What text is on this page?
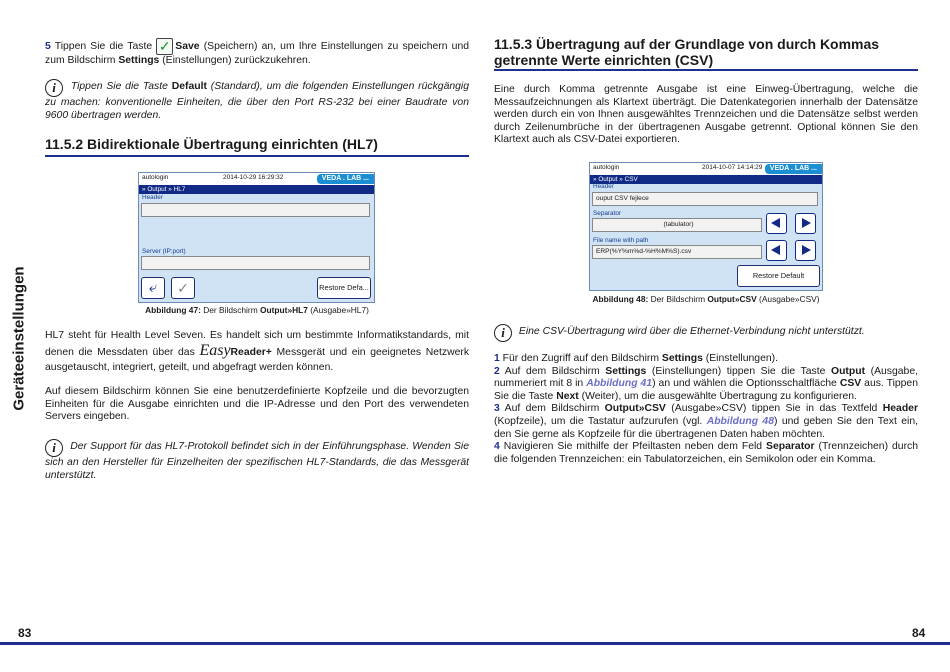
Geräteeinstellungen

5 Tippen Sie die Taste ✓ Save (Speichern) an, um Ihre Einstellungen zu speichern und zum Bildschirm Settings (Einstellungen) zurückzukehren.

i Tippen Sie die Taste Default (Standard), um die folgenden Einstellungen rückgängig zu machen: konventionelle Einheiten, die über den Port RS-232 bei einer Baudrate von 9600 übertragen werden.

11.5.2 Bidirektionale Übertragung einrichten (HL7)
autologin	2014-10-29 16:29:32	VEDA . LAB ...
» Output » HL7
Header
Server (IP:port)
⤶	✓	Restore Defa...

Abbildung 47: Der Bildschirm Output»HL7 (Ausgabe»HL7)

HL7 steht für Health Level Seven. Es handelt sich um bestimmte Informatikstandards, mit denen die Messdaten über das EasyReader+ Messgerät und ein geeignetes Netzwerk ausgetauscht, integriert, geteilt, und abgefragt werden können.

Auf diesem Bildschirm können Sie eine benutzerdefinierte Kopfzeile und die bevorzugten Einheiten für die Ausgabe einrichten und die IP-Adresse und den Port des verwendeten Servers eingeben.

i Der Support für das HL7-Protokoll befindet sich in der Einführungsphase. Wenden Sie sich an den Hersteller für Einzelheiten der spezifischen HL7-Standards, die das Messgerät unterstützt.

11.5.3 Übertragung auf der Grundlage von durch Kommas getrennte Werte einrichten (CSV)

Eine durch Komma getrennte Ausgabe ist eine Einweg-Übertragung, welche die Messaufzeichnungen als Klartext überträgt. Die Datenkategorien innerhalb der Datensätze werden durch ein von Ihnen ausgewähltes Trennzeichen und die Datensätze selbst werden durch Zeilenumbrüche in der übertragenen Ausgabe getrennt. Optional können Sie den Klartext auch als CSV-Datei exportieren.

autologin	2014-10-07 14:14:29	VEDA . LAB ...
» Output » CSV
Header
ouput CSV fejlece
Separator
(tabulator)
File name with path
ERP(%Y%m%d-%H%M%S).csv
Restore Default

Abbildung 48: Der Bildschirm Output»CSV (Ausgabe»CSV)

i Eine CSV-Übertragung wird über die Ethernet-Verbindung nicht unterstützt.

1 Für den Zugriff auf den Bildschirm Settings (Einstellungen).

2 Auf dem Bildschirm Settings (Einstellungen) tippen Sie die Taste Output (Ausgabe, nummeriert mit 8 in Abbildung 41) an und wählen die Optionsschaltfläche CSV aus. Tippen Sie die Taste Next (Weiter), um die ausgewählte Übertragung zu konfigurieren.

3 Auf dem Bildschirm Output»CSV (Ausgabe»CSV) tippen Sie in das Textfeld Header (Kopfzeile), um die Tastatur aufzurufen (vgl. Abbildung 48) und geben Sie den Text ein, den Sie gerne als Kopfzeile für die übertragenen Daten haben möchten.

4 Navigieren Sie mithilfe der Pfeiltasten neben dem Feld Separator (Trennzeichen) durch die folgenden Trennzeichen: ein Tabulatorzeichen, ein Semikolon oder ein Komma.

83	84
